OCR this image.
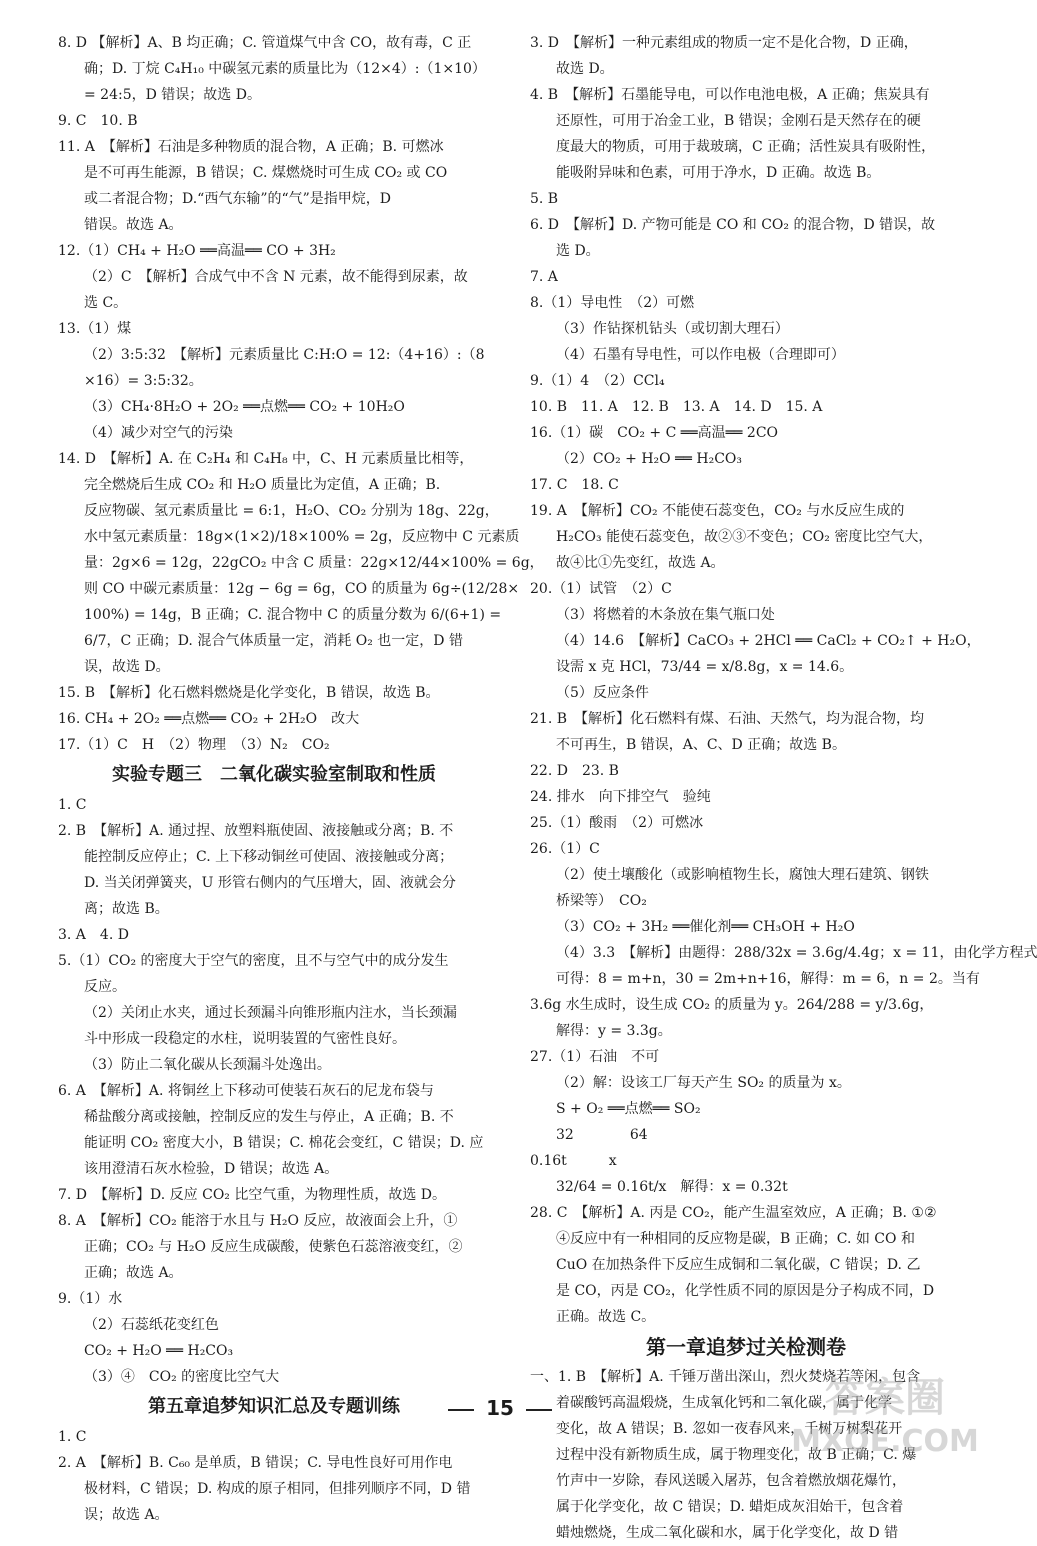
8. D 【解析】A、B 均正确；C. 管道煤气中含 CO，故有毒，C 正
确；D. 丁烷 C₄H₁₀ 中碳氢元素的质量比为（12×4）:（1×10）
= 24:5，D 错误；故选 D。
9. C　10. B
11. A　【解析】石油是多种物质的混合物，A 正确；B. 可燃冰
是不可再生能源，B 错误；C. 煤燃烧时可生成 CO₂ 或 CO
或二者混合物；D.“西气东输”的“气”是指甲烷，D
错误。故选 A。
12.（1）CH₄ + H₂O ══高温══ CO + 3H₂
（2）C　【解析】合成气中不含 N 元素，故不能得到尿素，故
选 C。
13.（1）煤
（2）3:5:32　【解析】元素质量比 C:H:O = 12:（4+16）:（8
×16）= 3:5:32。
（3）CH₄·8H₂O + 2O₂ ══点燃══ CO₂ + 10H₂O
（4）减少对空气的污染
14. D　【解析】A. 在 C₂H₄ 和 C₄H₈ 中，C、H 元素质量比相等，
完全燃烧后生成 CO₂ 和 H₂O 质量比为定值，A 正确；B.
反应物碳、氢元素质量比 = 6:1，H₂O、CO₂ 分别为 18g、22g，
水中氢元素质量：18g×(1×2)/18×100% = 2g，反应物中 C 元素质
量：2g×6 = 12g，22gCO₂ 中含 C 质量：22g×12/44×100% = 6g，
则 CO 中碳元素质量：12g − 6g = 6g，CO 的质量为 6g÷(12/28×
100%) = 14g，B 正确；C. 混合物中 C 的质量分数为 6/(6+1) =
6/7，C 正确；D. 混合气体质量一定，消耗 O₂ 也一定，D 错
误，故选 D。
15. B　【解析】化石燃料燃烧是化学变化，B 错误，故选 B。
16. CH₄ + 2O₂ ══点燃══ CO₂ + 2H₂O　改大
17.（1）C　H　（2）物理　（3）N₂　CO₂
实验专题三　二氧化碳实验室制取和性质
1. C
2. B　【解析】A. 通过捏、放塑料瓶使固、液接触或分离；B. 不
能控制反应停止；C. 上下移动铜丝可使固、液接触或分离；
D. 当关闭弹簧夹，U 形管右侧内的气压增大，固、液就会分
离；故选 B。
3. A　4. D
5.（1）CO₂ 的密度大于空气的密度，且不与空气中的成分发生
反应。
（2）关闭止水夹，通过长颈漏斗向锥形瓶内注水，当长颈漏
斗中形成一段稳定的水柱，说明装置的气密性良好。
（3）防止二氧化碳从长颈漏斗处逸出。
6. A　【解析】A. 将铜丝上下移动可使装石灰石的尼龙布袋与
稀盐酸分离或接触，控制反应的发生与停止，A 正确；B. 不
能证明 CO₂ 密度大小，B 错误；C. 棉花会变红，C 错误；D. 应
该用澄清石灰水检验，D 错误；故选 A。
7. D　【解析】D. 反应 CO₂ 比空气重，为物理性质，故选 D。
8. A　【解析】CO₂ 能溶于水且与 H₂O 反应，故液面会上升，①
正确；CO₂ 与 H₂O 反应生成碳酸，使紫色石蕊溶液变红，②
正确；故选 A。
9.（1）水
（2）石蕊纸花变红色
CO₂ + H₂O ══ H₂CO₃
（3）④　CO₂ 的密度比空气大
第五章追梦知识汇总及专题训练
1. C
2. A　【解析】B. C₆₀ 是单质，B 错误；C. 导电性良好可用作电
极材料，C 错误；D. 构成的原子相同，但排列顺序不同，D 错
误；故选 A。
3. D　【解析】一种元素组成的物质一定不是化合物，D 正确，
故选 D。
4. B　【解析】石墨能导电，可以作电池电极，A 正确；焦炭具有
还原性，可用于冶金工业，B 错误；金刚石是天然存在的硬
度最大的物质，可用于裁玻璃，C 正确；活性炭具有吸附性，
能吸附异味和色素，可用于净水，D 正确。故选 B。
5. B
6. D　【解析】D. 产物可能是 CO 和 CO₂ 的混合物，D 错误，故
选 D。
7. A
8.（1）导电性　（2）可燃
（3）作钻探机钻头（或切割大理石）
（4）石墨有导电性，可以作电极（合理即可）
9.（1）4　（2）CCl₄
10. B　11. A　12. B　13. A　14. D　15. A
16.（1）碳　CO₂ + C ══高温══ 2CO
（2）CO₂ + H₂O ══ H₂CO₃
17. C　18. C
19. A　【解析】CO₂ 不能使石蕊变色，CO₂ 与水反应生成的
H₂CO₃ 能使石蕊变色，故②③不变色；CO₂ 密度比空气大，
故④比①先变红，故选 A。
20.（1）试管　（2）C
（3）将燃着的木条放在集气瓶口处
（4）14.6　【解析】CaCO₃ + 2HCl ══ CaCl₂ + CO₂↑ + H₂O，
设需 x 克 HCl，73/44 = x/8.8g，x = 14.6。
（5）反应条件
21. B　【解析】化石燃料有煤、石油、天然气，均为混合物，均
不可再生，B 错误，A、C、D 正确；故选 B。
22. D　23. B
24. 排水　向下排空气　验纯
25.（1）酸雨　（2）可燃冰
26.（1）C
（2）使土壤酸化（或影响植物生长，腐蚀大理石建筑、钢铁
桥梁等）　CO₂
（3）CO₂ + 3H₂ ══催化剂══ CH₃OH + H₂O
（4）3.3　【解析】由题得：288/32x = 3.6g/4.4g；x = 11，由化学方程式
可得：8 = m+n，30 = 2m+n+16，解得：m = 6，n = 2。当有
3.6g 水生成时，设生成 CO₂ 的质量为 y。264/288 = y/3.6g，
解得：y = 3.3g。
27.（1）石油　不可
（2）解：设该工厂每天产生 SO₂ 的质量为 x。
S + O₂ ══点燃══ SO₂
32　　　　64
0.16t　　　x
32/64 = 0.16t/x　解得：x = 0.32t
28. C　【解析】A. 丙是 CO₂，能产生温室效应，A 正确；B. ①②
④反应中有一种相同的反应物是碳，B 正确；C. 如 CO 和
CuO 在加热条件下反应生成铜和二氧化碳，C 错误；D. 乙
是 CO，丙是 CO₂，化学性质不同的原因是分子构成不同，D
正确。故选 C。
第一章追梦过关检测卷
一、1. B　【解析】A. 千锤万凿出深山，烈火焚烧若等闲，包含
着碳酸钙高温煅烧，生成氧化钙和二氧化碳，属于化学
变化，故 A 错误；B. 忽如一夜春风来，千树万树梨花开
过程中没有新物质生成，属于物理变化，故 B 正确；C. 爆
竹声中一岁除，春风送暖入屠苏，包含着燃放烟花爆竹，
属于化学变化，故 C 错误；D. 蜡炬成灰泪始干，包含着
蜡烛燃烧，生成二氧化碳和水，属于化学变化，故 D 错
15	答案圈
MXQE.COM
